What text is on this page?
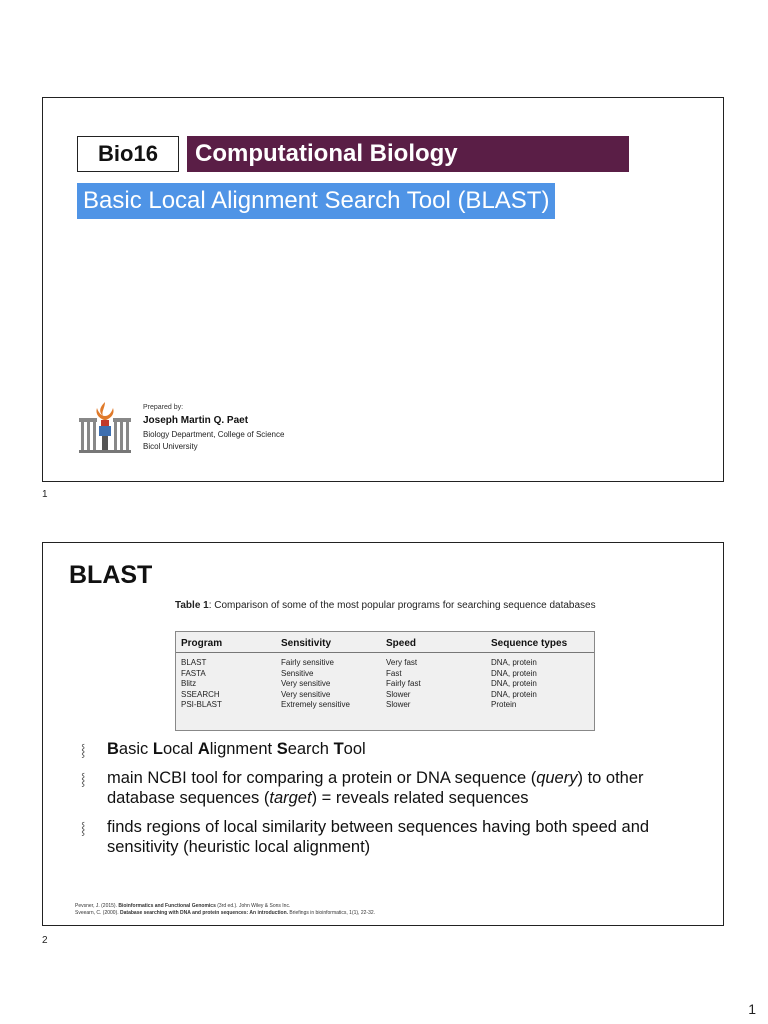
Bio16	Computational Biology
Basic Local Alignment Search Tool (BLAST)
Prepared by:
Joseph Martin Q. Paet
Biology Department, College of Science
Bicol University
1
BLAST
Table 1: Comparison of some of the most popular programs for searching sequence databases
Program	Sensitivity	Speed	Sequence types
BLAST	Fairly sensitive	Very fast	DNA, protein
FASTA	Sensitive	Fast	DNA, protein
Blitz	Very sensitive	Fairly fast	DNA, protein
SSEARCH	Very sensitive	Slower	DNA, protein
PSI-BLAST	Extremely sensitive	Slower	Protein
⸾ Basic Local Alignment Search Tool
⸾ main NCBI tool for comparing a protein or DNA sequence (query) to other database sequences (target) = reveals related sequences
⸾ finds regions of local similarity between sequences having both speed and sensitivity (heuristic local alignment)
Pevsner, J. (2015). Bioinformatics and Functional Genomics (3rd ed.). John Wiley & Sons Inc.
Sveearn, C. (2000). Database searching with DNA and protein sequences: An introduction. Briefings in bioinformatics, 1(1), 22-32.
2
1
